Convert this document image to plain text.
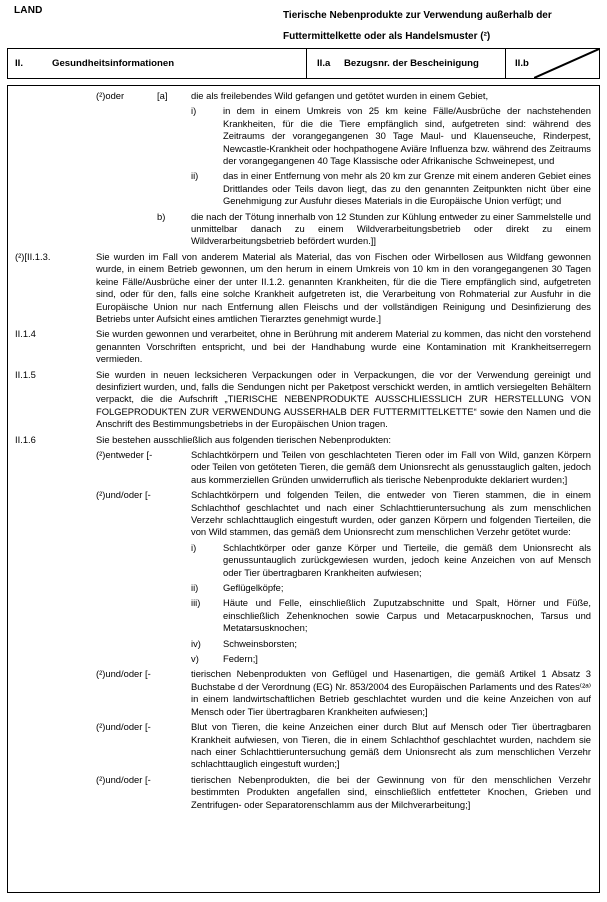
LAND	Tierische Nebenprodukte zur Verwendung außerhalb der
Futtermittelkette oder als Handelsmuster (²)
II.	Gesundheitsinformationen	II.a	Bezugsnr. der Bescheinigung	II.b
(²)oder	[a]	die als freilebendes Wild gefangen und getötet wurden in einem Gebiet,
i)	in dem in einem Umkreis von 25 km keine Fälle/Ausbrüche der nachstehenden Krankheiten, für die die Tiere empfänglich sind, aufgetreten sind: während des Zeitraums der vorangegangenen 30 Tage Maul- und Klauenseuche, Rinderpest, Newcastle-Krankheit oder hochpathogene Aviäre Influenza bzw. während des Zeitraums der vorangegangenen 40 Tage Klassische oder Afrikanische Schweinepest, und
ii)	das in einer Entfernung von mehr als 20 km zur Grenze mit einem anderen Gebiet eines Drittlandes oder Teils davon liegt, das zu den genannten Zeitpunkten nicht über eine Genehmigung zur Ausfuhr dieses Materials in die Europäische Union verfügt; und
b)	die nach der Tötung innerhalb von 12 Stunden zur Kühlung entweder zu einer Sammelstelle und unmittelbar danach zu einem Wildverarbeitungsbetrieb oder direkt zu einem Wildverarbeitungsbetrieb befördert wurden.]]
(²)[II.1.3.	Sie wurden im Fall von anderem Material als Material, das von Fischen oder Wirbellosen aus Wildfang gewonnen wurde, in einem Betrieb gewonnen, um den herum in einem Umkreis von 10 km in den vorangegangenen 30 Tagen keine Fälle/Ausbrüche einer der unter II.1.2. genannten Krankheiten, für die die Tiere empfänglich sind, aufgetreten sind, oder für den, falls eine solche Krankheit aufgetreten ist, die Verarbeitung von Rohmaterial zur Ausfuhr in die Europäische Union nur nach Entfernung allen Fleischs und der vollständigen Reinigung und Desinfizierung des Betriebs unter Aufsicht eines amtlichen Tierarztes genehmigt wurde.]
II.1.4	Sie wurden gewonnen und verarbeitet, ohne in Berührung mit anderem Material zu kommen, das nicht den vorstehend genannten Vorschriften entspricht, und bei der Handhabung wurde eine Kontamination mit Krankheitserregern vermieden.
II.1.5	Sie wurden in neuen lecksicheren Verpackungen oder in Verpackungen, die vor der Verwendung gereinigt und desinfiziert wurden, und, falls die Sendungen nicht per Paketpost verschickt werden, in amtlich versiegelten Behältern verpackt, die die Aufschrift „TIERISCHE NEBENPRODUKTE AUSSCHLIESSLICH ZUR HERSTELLUNG VON FOLGEPRODUKTEN ZUR VERWENDUNG AUSSERHALB DER FUTTERMITTELKETTE“ sowie den Namen und die Anschrift des Bestimmungsbetriebs in der Europäischen Union tragen.
II.1.6	Sie bestehen ausschließlich aus folgenden tierischen Nebenprodukten:
(²)entweder [-	Schlachtkörpern und Teilen von geschlachteten Tieren oder im Fall von Wild, ganzen Körpern oder Teilen von getöteten Tieren, die gemäß dem Unionsrecht als genusstauglich galten, jedoch aus kommerziellen Gründen unwiderruflich als tierische Nebenprodukte deklariert wurden;]
(²)und/oder [-	Schlachtkörpern und folgenden Teilen, die entweder von Tieren stammen, die in einem Schlachthof geschlachtet und nach einer Schlachttieruntersuchung als zum menschlichen Verzehr schlachttauglich eingestuft wurden, oder ganzen Körpern und folgenden Tierteilen, die von Wild stammen, das gemäß dem Unionsrecht zum menschlichen Verzehr getötet wurde:
i)	Schlachtkörper oder ganze Körper und Tierteile, die gemäß dem Unionsrecht als genussuntauglich zurückgewiesen wurden, jedoch keine Anzeichen von auf Mensch oder Tier übertragbaren Krankheiten aufwiesen;
ii)	Geflügelköpfe;
iii)	Häute und Felle, einschließlich Zuputzabschnitte und Spalt, Hörner und Füße, einschließlich Zehenknochen sowie Carpus und Metacarpusknochen, Tarsus und Metatarsusknochen;
iv)	Schweinsborsten;
v)	Federn;]
(²)und/oder [-	tierischen Nebenprodukten von Geflügel und Hasenartigen, die gemäß Artikel 1 Absatz 3 Buchstabe d der Verordnung (EG) Nr. 853/2004 des Europäischen Parlaments und des Rates⁽²ᵃ⁾ in einem landwirtschaftlichen Betrieb geschlachtet wurden und die keine Anzeichen von auf Mensch oder Tier übertragbaren Krankheiten aufwiesen;]
(²)und/oder [-	Blut von Tieren, die keine Anzeichen einer durch Blut auf Mensch oder Tier übertragbaren Krankheit aufwiesen, von Tieren, die in einem Schlachthof geschlachtet wurden, nachdem sie nach einer Schlachttieruntersuchung gemäß dem Unionsrecht als zum menschlichen Verzehr schlachttauglich eingestuft wurden;]
(²)und/oder [-	tierischen Nebenprodukten, die bei der Gewinnung von für den menschlichen Verzehr bestimmten Produkten angefallen sind, einschließlich entfetteter Knochen, Grieben und Zentrifugen- oder Separatorenschlamm aus der Milchverarbeitung;]
